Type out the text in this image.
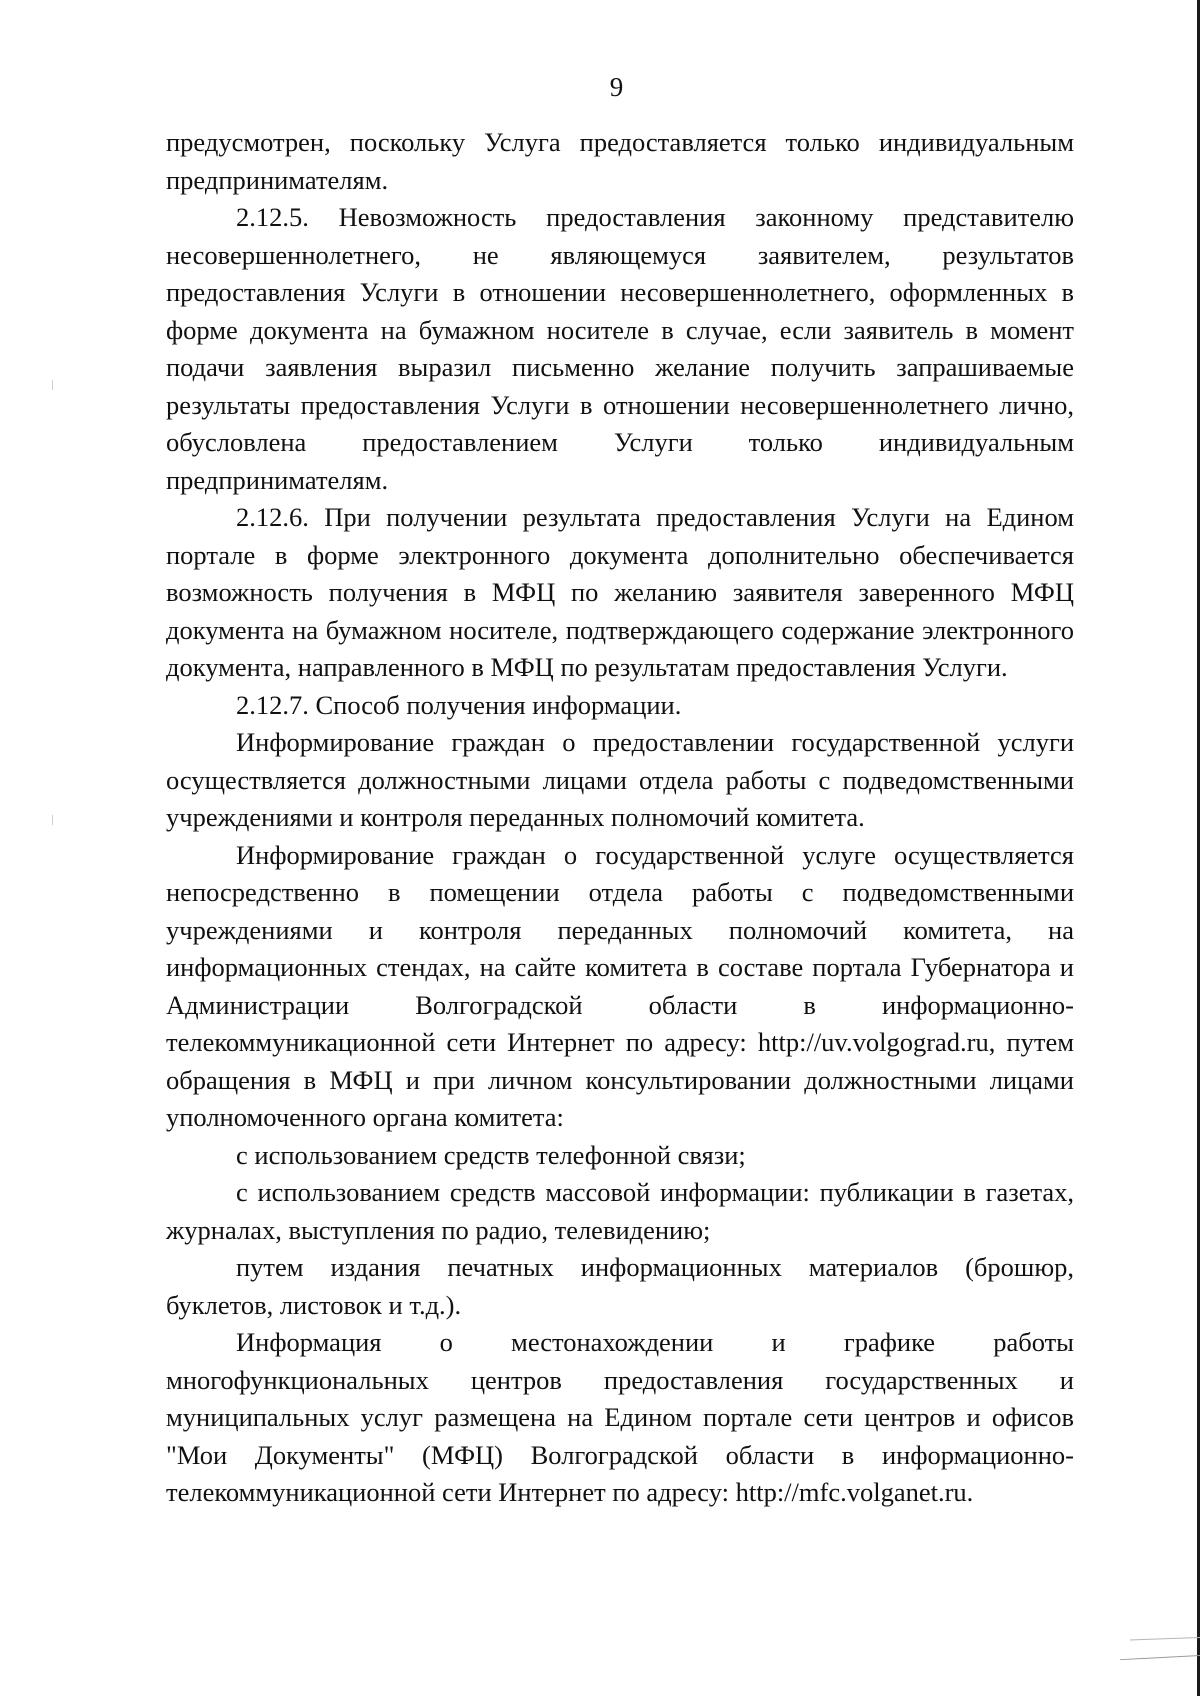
9

предусмотрен, поскольку Услуга предоставляется только индивидуальным предпринимателям.

2.12.5. Невозможность предоставления законному представителю несовершеннолетнего, не являющемуся заявителем, результатов предоставления Услуги в отношении несовершеннолетнего, оформленных в форме документа на бумажном носителе в случае, если заявитель в момент подачи заявления выразил письменно желание получить запрашиваемые результаты предоставления Услуги в отношении несовершеннолетнего лично, обусловлена предоставлением Услуги только индивидуальным предпринимателям.

2.12.6. При получении результата предоставления Услуги на Едином портале в форме электронного документа дополнительно обеспечивается возможность получения в МФЦ по желанию заявителя заверенного МФЦ документа на бумажном носителе, подтверждающего содержание электронного документа, направленного в МФЦ по результатам предоставления Услуги.

2.12.7. Способ получения информации.

Информирование граждан о предоставлении государственной услуги осуществляется должностными лицами отдела работы с подведомственными учреждениями и контроля переданных полномочий комитета.

Информирование граждан о государственной услуге осуществляется непосредственно в помещении отдела работы с подведомственными учреждениями и контроля переданных полномочий комитета, на информационных стендах, на сайте комитета в составе портала Губернатора и Администрации Волгоградской области в информационно-телекоммуникационной сети Интернет по адресу: http://uv.volgograd.ru, путем обращения в МФЦ и при личном консультировании должностными лицами уполномоченного органа комитета:

с использованием средств телефонной связи;

с использованием средств массовой информации: публикации в газетах, журналах, выступления по радио, телевидению;

путем издания печатных информационных материалов (брошюр, буклетов, листовок и т.д.).

Информация о местонахождении и графике работы многофункциональных центров предоставления государственных и муниципальных услуг размещена на Едином портале сети центров и офисов "Мои Документы" (МФЦ) Волгоградской области в информационно-телекоммуникационной сети Интернет по адресу: http://mfc.volganet.ru.
